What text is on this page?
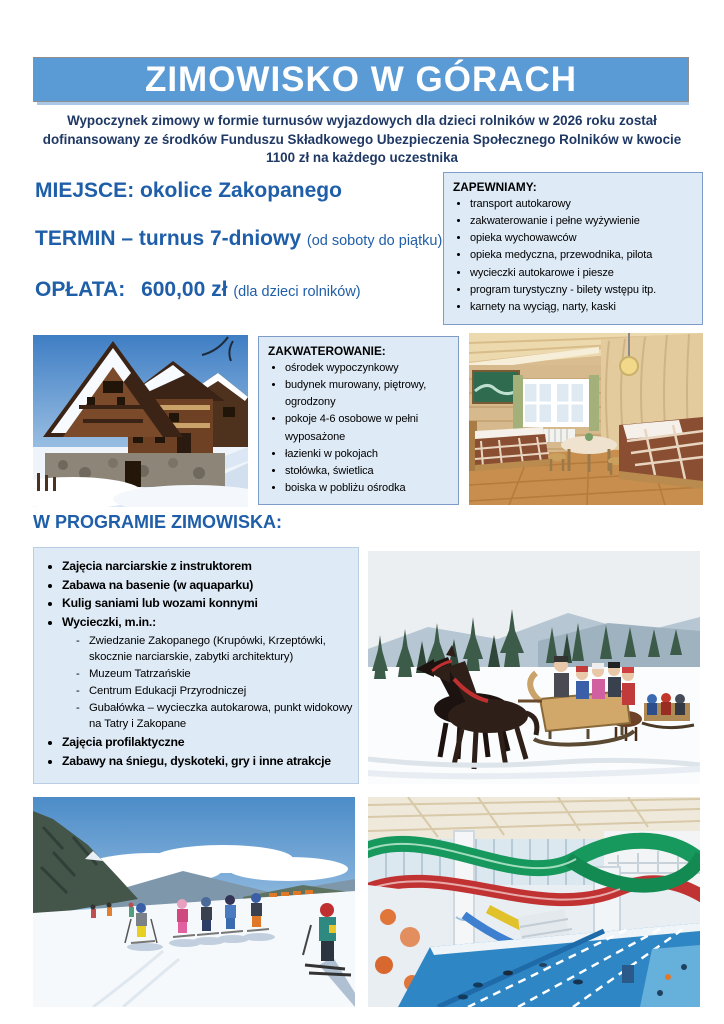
ZIMOWISKO W GÓRACH
Wypoczynek zimowy w formie turnusów wyjazdowych dla dzieci rolników w 2026 roku został dofinansowany ze środków Funduszu Składkowego Ubezpieczenia Społecznego Rolników w kwocie 1100 zł na każdego uczestnika
MIEJSCE: okolice Zakopanego
TERMIN – turnus 7-dniowy (od soboty do piątku)
OPŁATA: 600,00 zł (dla dzieci rolników)

ZAPEWNIAMY:

• transport autokarowy
• zakwaterowanie i pełne wyżywienie
• opieka wychowawców
• opieka medyczna, przewodnika, pilota
• wycieczki autokarowe i piesze
• program turystyczny - bilety wstępu itp.
• karnety na wyciąg, narty, kaski

ZAKWATEROWANIE:

• ośrodek wypoczynkowy
• budynek murowany, piętrowy, ogrodzony
• pokoje 4-6 osobowe w pełni wyposażone
• łazienki w pokojach
• stołówka, świetlica
• boiska w pobliżu ośrodka
W PROGRAMIE ZIMOWISKA:
• Zajęcia narciarskie z instruktorem
• Zabawa na basenie (w aquaparku)
• Kulig saniami lub wozami konnymi
• Wycieczki, m.in.:
- Zwiedzanie Zakopanego (Krupówki, Krzeptówki, skocznie narciarskie, zabytki architektury)
- Muzeum Tatrzańskie
- Centrum Edukacji Przyrodniczej
- Gubałówka – wycieczka autokarowa, punkt widokowy na Tatry i Zakopane
• Zajęcia profilaktyczne
• Zabawy na śniegu, dyskoteki, gry i inne atrakcje
